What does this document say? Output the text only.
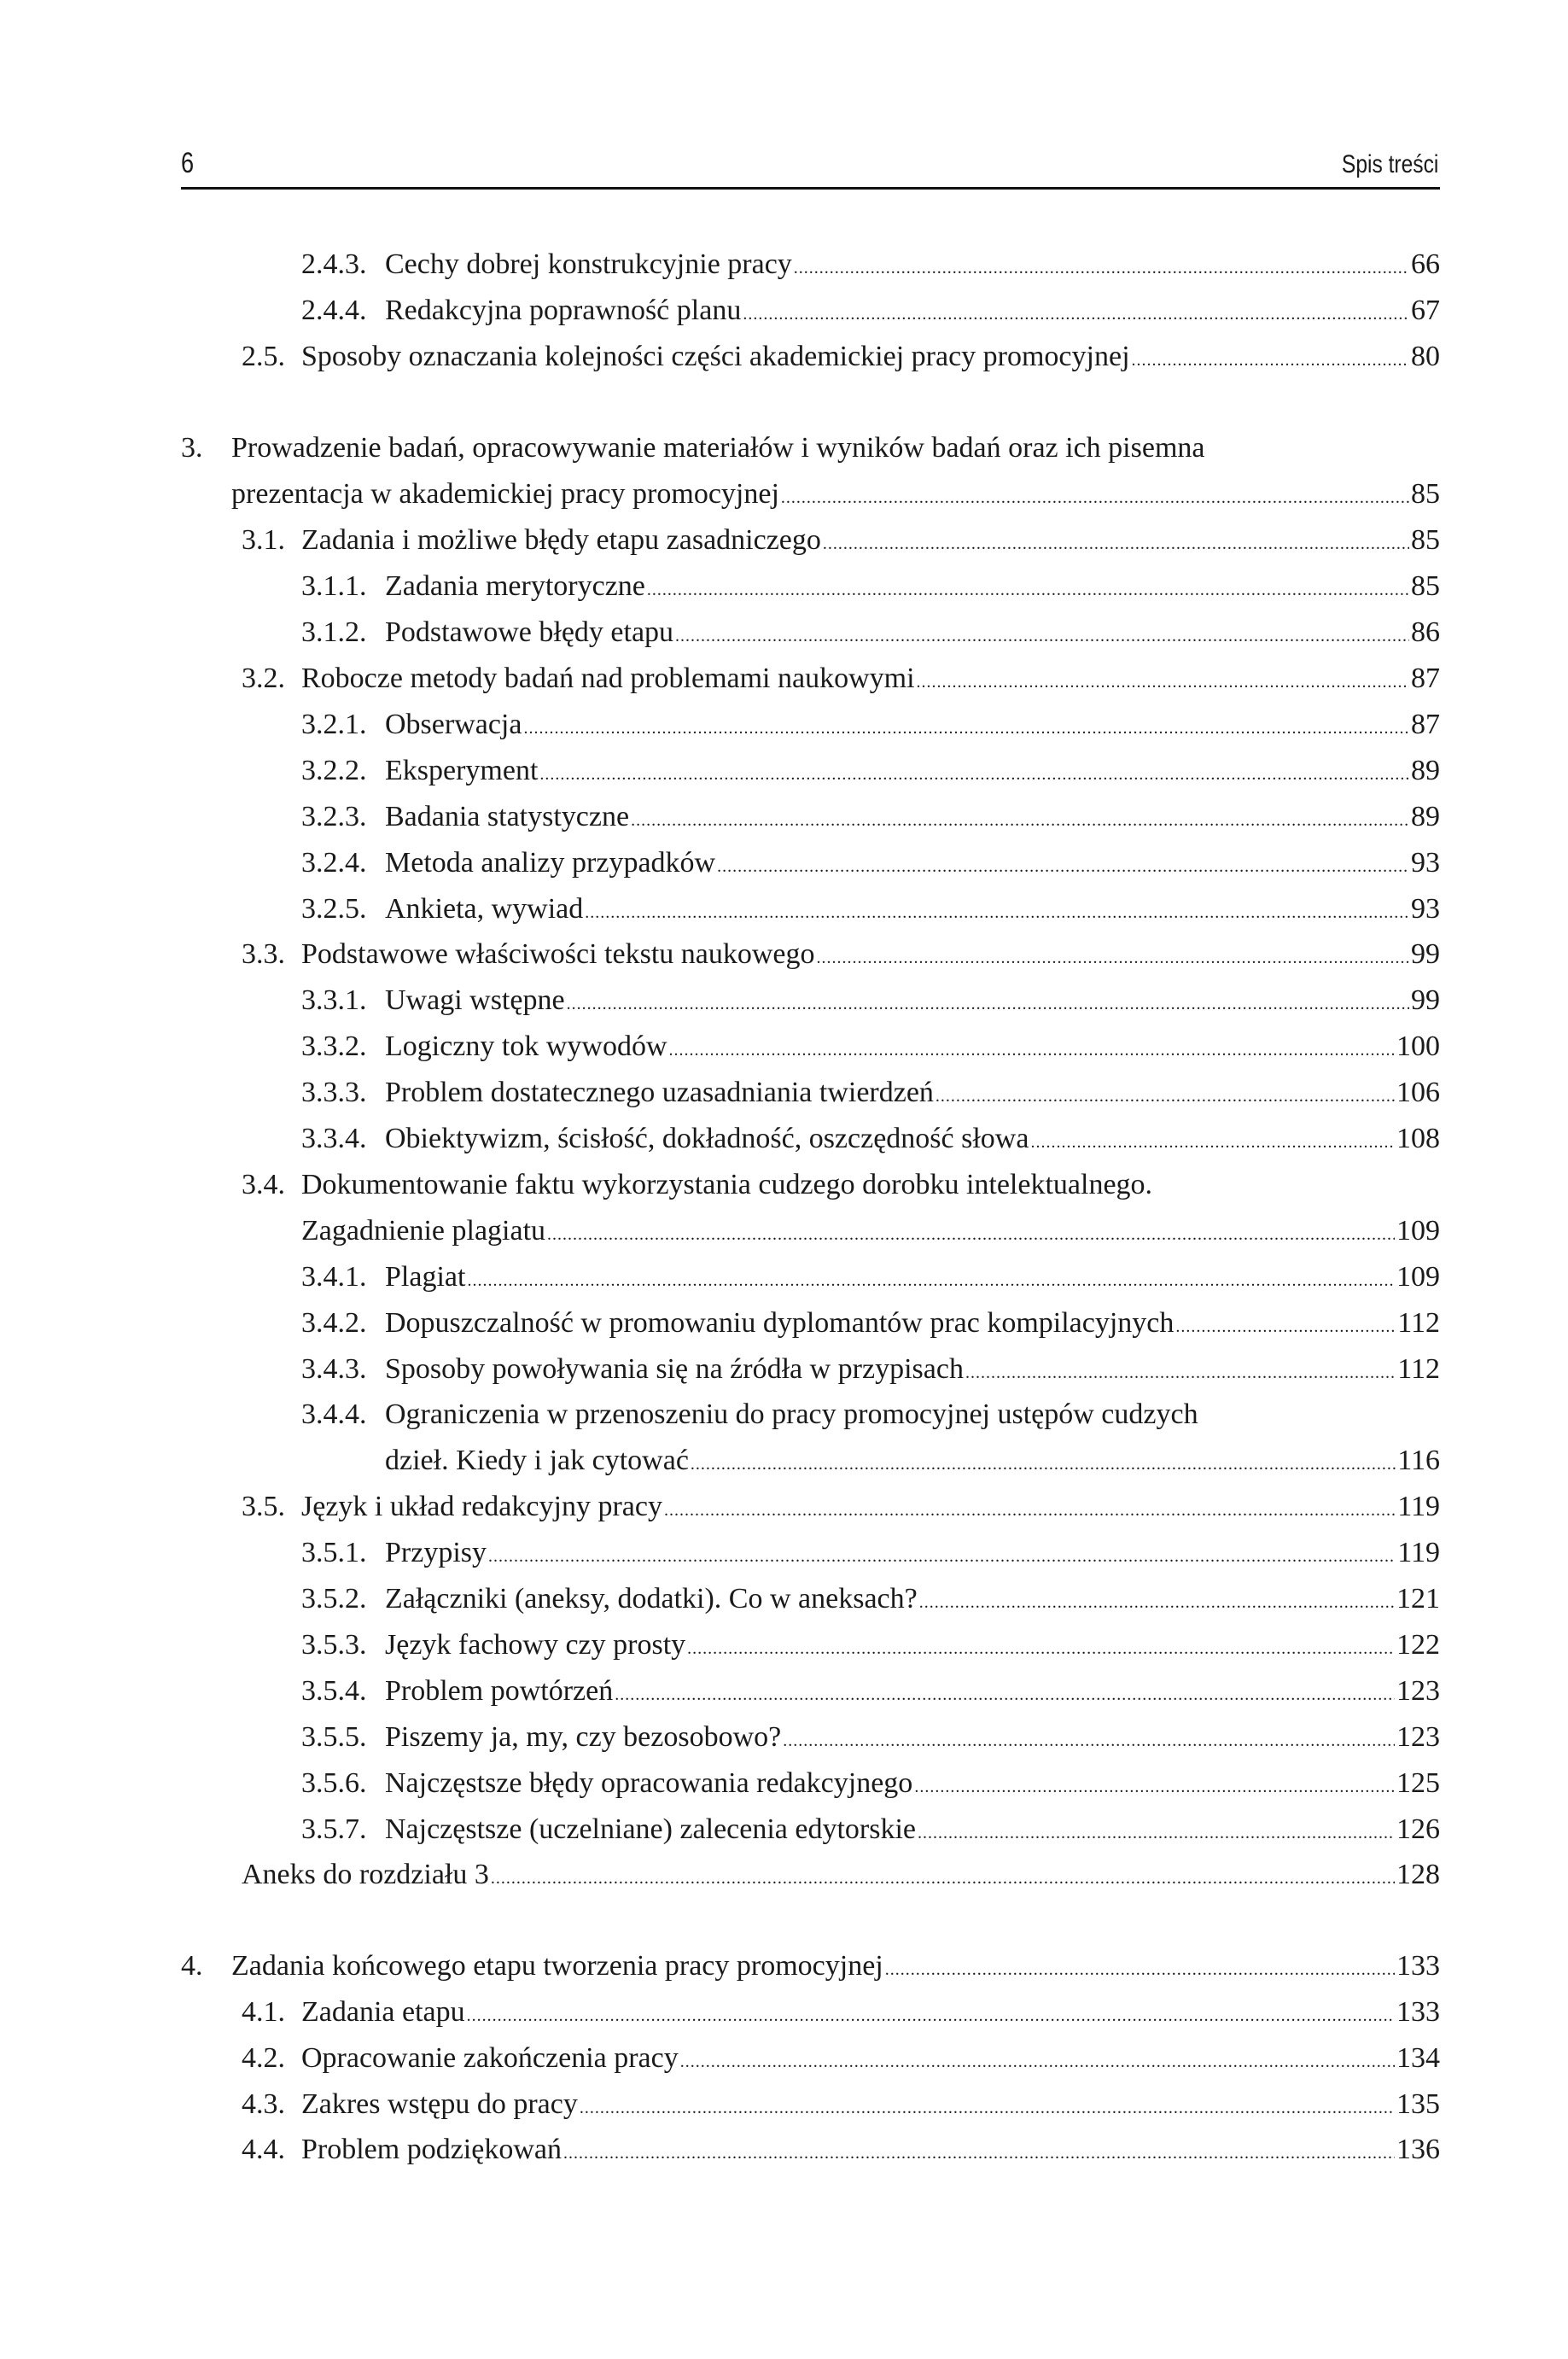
6	Spis treści
2.4.3. Cechy dobrej konstrukcyjnie pracy .....	66
2.4.4. Redakcyjna poprawność planu .....	67
2.5. Sposoby oznaczania kolejności części akademickiej pracy promocyjnej .....	80
3. Prowadzenie badań, opracowywanie materiałów i wyników badań oraz ich pisemna
prezentacja w akademickiej pracy promocyjnej .....	85
3.1. Zadania i możliwe błędy etapu zasadniczego .....	85
3.1.1. Zadania merytoryczne .....	85
3.1.2. Podstawowe błędy etapu .....	86
3.2. Robocze metody badań nad problemami naukowymi .....	87
3.2.1. Obserwacja .....	87
3.2.2. Eksperyment .....	89
3.2.3. Badania statystyczne .....	89
3.2.4. Metoda analizy przypadków .....	93
3.2.5. Ankieta, wywiad .....	93
3.3. Podstawowe właściwości tekstu naukowego .....	99
3.3.1. Uwagi wstępne .....	99
3.3.2. Logiczny tok wywodów .....	100
3.3.3. Problem dostatecznego uzasadniania twierdzeń .....	106
3.3.4. Obiektywizm, ścisłość, dokładność, oszczędność słowa .....	108
3.4. Dokumentowanie faktu wykorzystania cudzego dorobku intelektualnego.
Zagadnienie plagiatu .....	109
3.4.1. Plagiat .....	109
3.4.2. Dopuszczalność w promowaniu dyplomantów prac kompilacyjnych .....	112
3.4.3. Sposoby powoływania się na źródła w przypisach .....	112
3.4.4. Ograniczenia w przenoszeniu do pracy promocyjnej ustępów cudzych
dzieł. Kiedy i jak cytować .....	116
3.5. Język i układ redakcyjny pracy .....	119
3.5.1. Przypisy .....	119
3.5.2. Załączniki (aneksy, dodatki). Co w aneksach? .....	121
3.5.3. Język fachowy czy prosty .....	122
3.5.4. Problem powtórzeń .....	123
3.5.5. Piszemy ja, my, czy bezosobowo? .....	123
3.5.6. Najczęstsze błędy opracowania redakcyjnego .....	125
3.5.7. Najczęstsze (uczelniane) zalecenia edytorskie .....	126
Aneks do rozdziału 3 .....	128
4. Zadania końcowego etapu tworzenia pracy promocyjnej .....	133
4.1. Zadania etapu .....	133
4.2. Opracowanie zakończenia pracy .....	134
4.3. Zakres wstępu do pracy .....	135
4.4. Problem podziękowań .....	136
